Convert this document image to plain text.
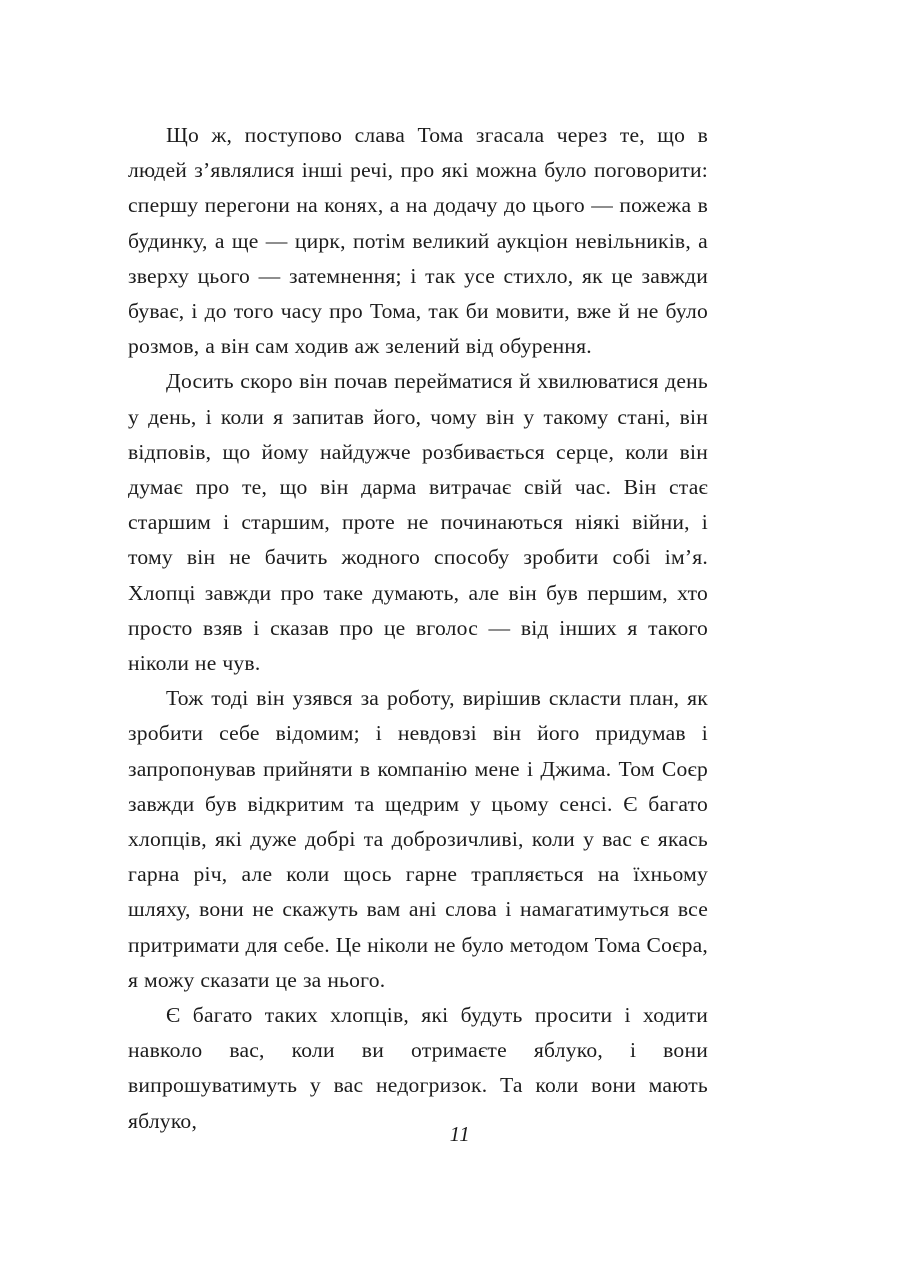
Що ж, поступово слава Тома згасала через те, що в людей з’являлися інші речі, про які можна було поговорити: спершу перегони на конях, а на додачу до цього — пожежа в будинку, а ще — цирк, потім великий аукціон невільників, а зверху цього — затемнення; і так усе стихло, як це завжди буває, і до того часу про Тома, так би мовити, вже й не було розмов, а він сам ходив аж зелений від обурення.

Досить скоро він почав перейматися й хвилюватися день у день, і коли я запитав його, чому він у такому стані, він відповів, що йому найдужче розбивається серце, коли він думає про те, що він дарма витрачає свій час. Він стає старшим і старшим, проте не починаються ніякі війни, і тому він не бачить жодного способу зробити собі ім’я. Хлопці завжди про таке думають, але він був першим, хто просто взяв і сказав про це вголос — від інших я такого ніколи не чув.

Тож тоді він узявся за роботу, вирішив скласти план, як зробити себе відомим; і невдовзі він його придумав і запропонував прийняти в компанію мене і Джима. Том Соєр завжди був відкритим та щедрим у цьому сенсі. Є багато хлопців, які дуже добрі та доброзичливі, коли у вас є якась гарна річ, але коли щось гарне трапляється на їхньому шляху, вони не скажуть вам ані слова і намагатимуться все притримати для себе. Це ніколи не було методом Тома Соєра, я можу сказати це за нього.

Є багато таких хлопців, які будуть просити і ходити навколо вас, коли ви отримаєте яблуко, і вони випрошуватимуть у вас недогризок. Та коли вони мають яблуко,

11
